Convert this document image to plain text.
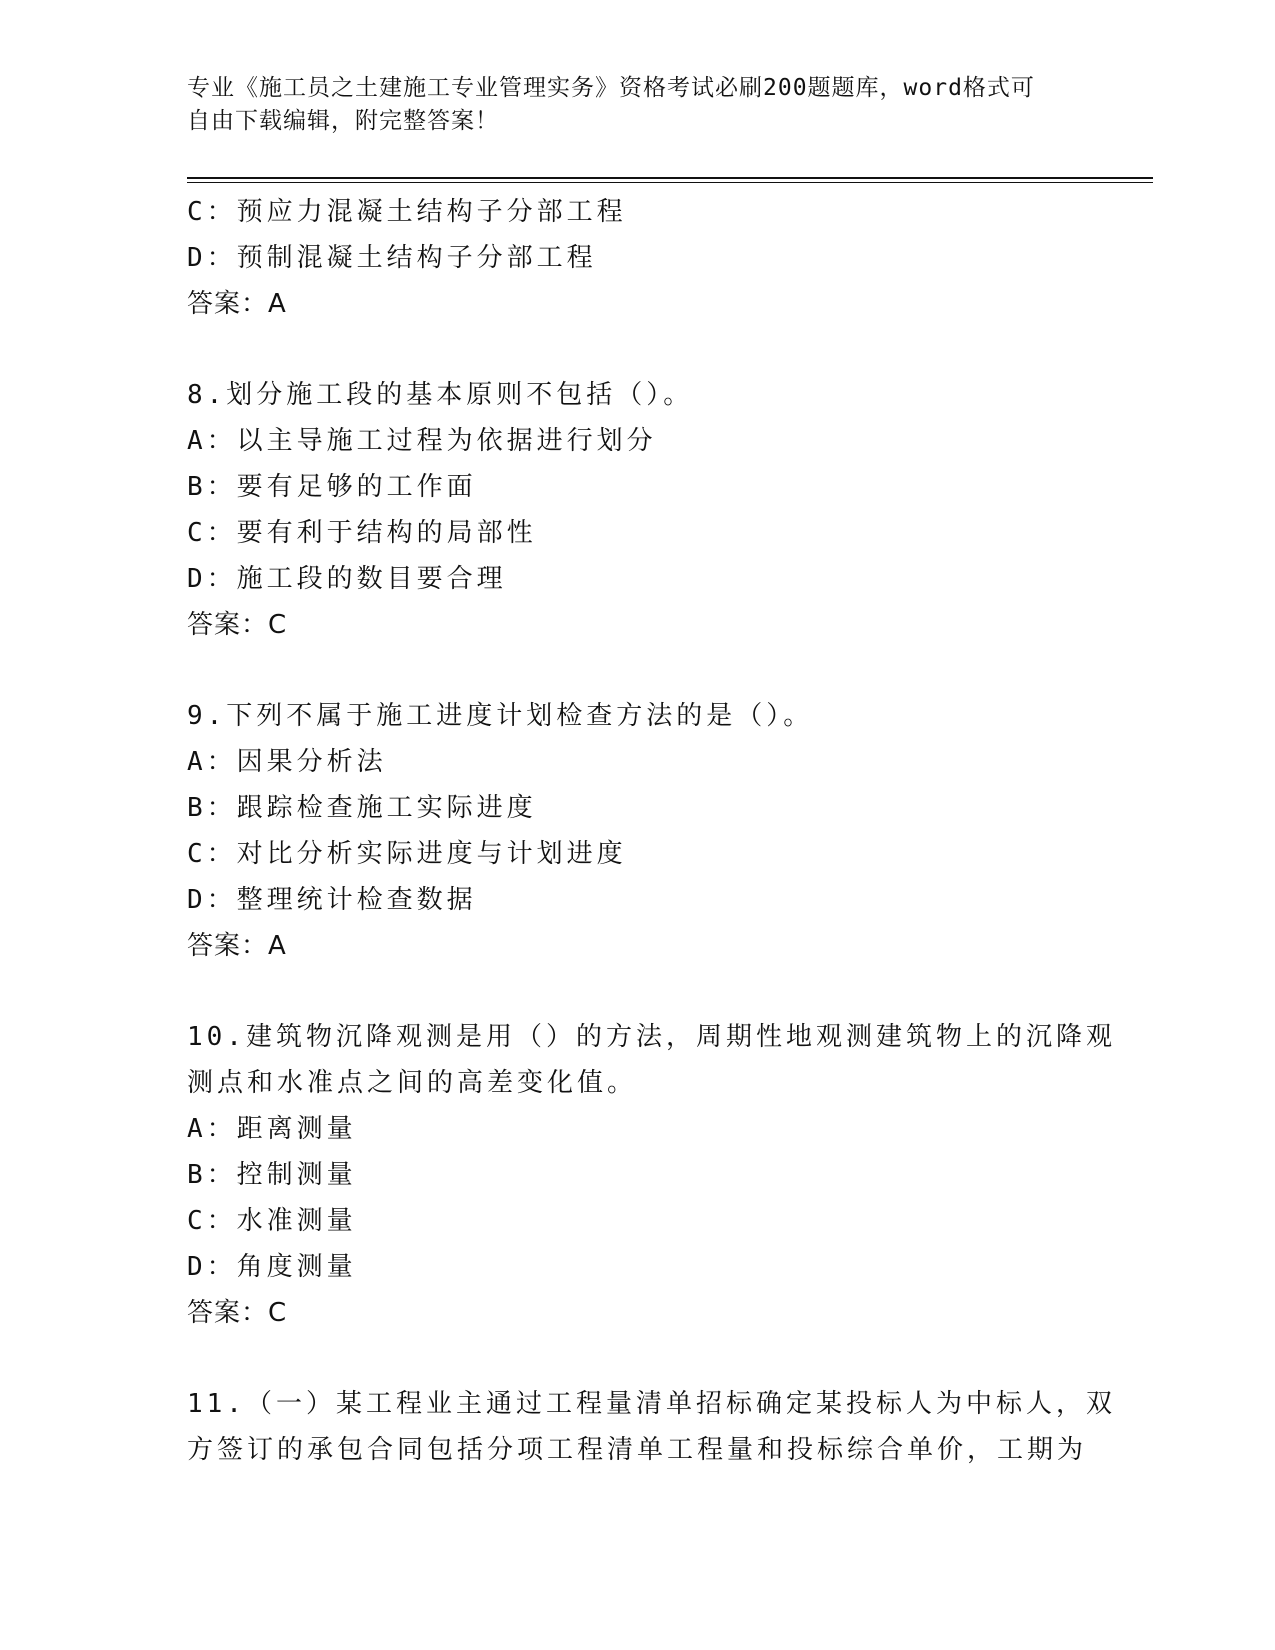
专业《施工员之土建施工专业管理实务》资格考试必刷200题题库，word格式可
自由下载编辑，附完整答案！
C：预应力混凝土结构子分部工程
D：预制混凝土结构子分部工程
答案：A
8.划分施工段的基本原则不包括（）。
A：以主导施工过程为依据进行划分
B：要有足够的工作面
C：要有利于结构的局部性
D：施工段的数目要合理
答案：C
9.下列不属于施工进度计划检查方法的是（）。
A：因果分析法
B：跟踪检查施工实际进度
C：对比分析实际进度与计划进度
D：整理统计检查数据
答案：A
10.建筑物沉降观测是用（）的方法，周期性地观测建筑物上的沉降观
测点和水准点之间的高差变化值。
A：距离测量
B：控制测量
C：水准测量
D：角度测量
答案：C
11.（一）某工程业主通过工程量清单招标确定某投标人为中标人，双
方签订的承包合同包括分项工程清单工程量和投标综合单价，工期为
